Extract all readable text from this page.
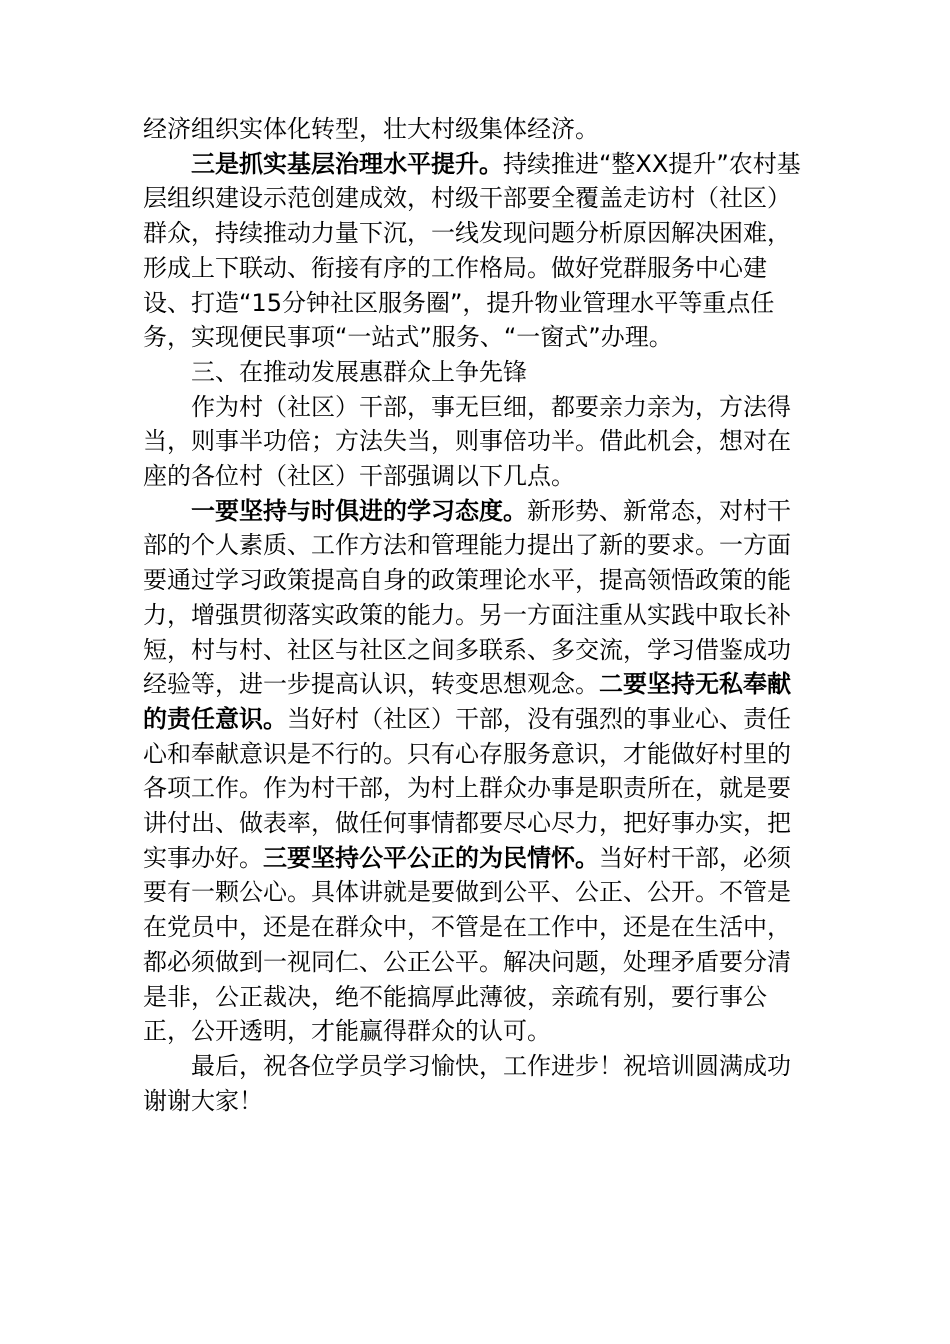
经济组织实体化转型，壮大村级集体经济。

三是抓实基层治理水平提升。持续推进“整XX提升”农村基层组织建设示范创建成效，村级干部要全覆盖走访村（社区）群众，持续推动力量下沉，一线发现问题分析原因解决困难，形成上下联动、衔接有序的工作格局。做好党群服务中心建设、打造“15分钟社区服务圈”，提升物业管理水平等重点任务，实现便民事项“一站式”服务、“一窗式”办理。

三、在推动发展惠群众上争先锋

作为村（社区）干部，事无巨细，都要亲力亲为，方法得当，则事半功倍；方法失当，则事倍功半。借此机会，想对在座的各位村（社区）干部强调以下几点。

一要坚持与时俱进的学习态度。新形势、新常态，对村干部的个人素质、工作方法和管理能力提出了新的要求。一方面要通过学习政策提高自身的政策理论水平，提高领悟政策的能力，增强贯彻落实政策的能力。另一方面注重从实践中取长补短，村与村、社区与社区之间多联系、多交流，学习借鉴成功经验等，进一步提高认识，转变思想观念。二要坚持无私奉献的责任意识。当好村（社区）干部，没有强烈的事业心、责任心和奉献意识是不行的。只有心存服务意识，才能做好村里的各项工作。作为村干部，为村上群众办事是职责所在，就是要讲付出、做表率，做任何事情都要尽心尽力，把好事办实，把实事办好。三要坚持公平公正的为民情怀。当好村干部，必须要有一颗公心。具体讲就是要做到公平、公正、公开。不管是在党员中，还是在群众中，不管是在工作中，还是在生活中，都必须做到一视同仁、公正公平。解决问题，处理矛盾要分清是非，公正裁决，绝不能搞厚此薄彼，亲疏有别，要行事公正，公开透明，才能赢得群众的认可。

最后，祝各位学员学习愉快，工作进步！祝培训圆满成功

谢谢大家！
